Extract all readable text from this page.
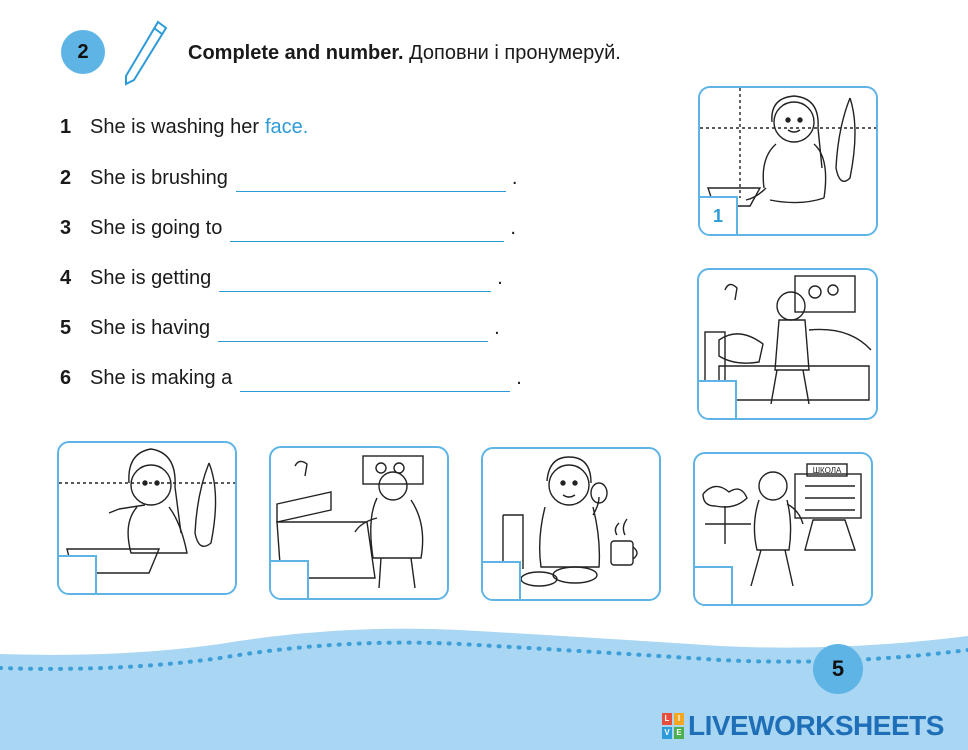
2	Complete and number. Доповни і пронумеруй.
1 She is washing her face.
2 She is brushing	.
3 She is going to	.
4 She is getting	.
5 She is having	.
6 She is making a	.
1
ШКОЛА
5
L	I
V E LIVEWORKSHEETS
